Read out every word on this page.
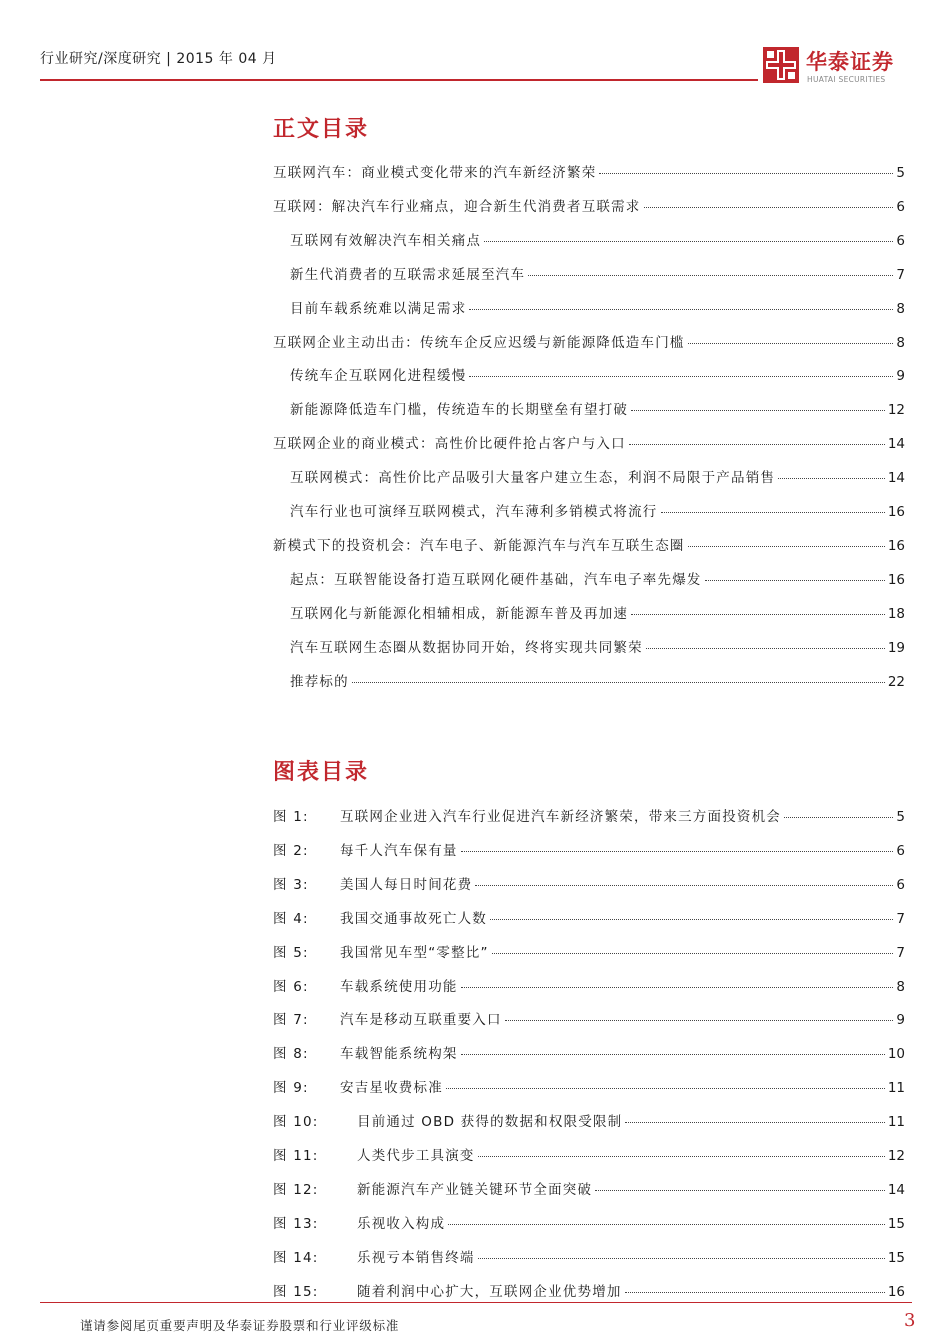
行业研究/深度研究 | 2015 年 04 月	华泰证券
HUATAI SECURITIES
正文目录
互联网汽车：商业模式变化带来的汽车新经济繁荣	5
互联网：解决汽车行业痛点，迎合新生代消费者互联需求	6
互联网有效解决汽车相关痛点	6
新生代消费者的互联需求延展至汽车	7
目前车载系统难以满足需求	8
互联网企业主动出击：传统车企反应迟缓与新能源降低造车门槛	8
传统车企互联网化进程缓慢	9
新能源降低造车门槛，传统造车的长期壁垒有望打破	12
互联网企业的商业模式：高性价比硬件抢占客户与入口	14
互联网模式：高性价比产品吸引大量客户建立生态，利润不局限于产品销售	14
汽车行业也可演绎互联网模式，汽车薄利多销模式将流行	16
新模式下的投资机会：汽车电子、新能源汽车与汽车互联生态圈	16
起点：互联智能设备打造互联网化硬件基础，汽车电子率先爆发	16
互联网化与新能源化相辅相成，新能源车普及再加速	18
汽车互联网生态圈从数据协同开始，终将实现共同繁荣	19
推荐标的	22
图表目录
图 1:	互联网企业进入汽车行业促进汽车新经济繁荣，带来三方面投资机会	5
图 2:	每千人汽车保有量	6
图 3:	美国人每日时间花费	6
图 4:	我国交通事故死亡人数	7
图 5:	我国常见车型“零整比”	7
图 6:	车载系统使用功能	8
图 7:	汽车是移动互联重要入口	9
图 8:	车载智能系统构架	10
图 9:	安吉星收费标准	11
图 10:	目前通过 OBD 获得的数据和权限受限制	11
图 11:	人类代步工具演变	12
图 12:	新能源汽车产业链关键环节全面突破	14
图 13:	乐视收入构成	15
图 14:	乐视亏本销售终端	15
图 15:	随着利润中心扩大，互联网企业优势增加	16
谨请参阅尾页重要声明及华泰证券股票和行业评级标准	3
